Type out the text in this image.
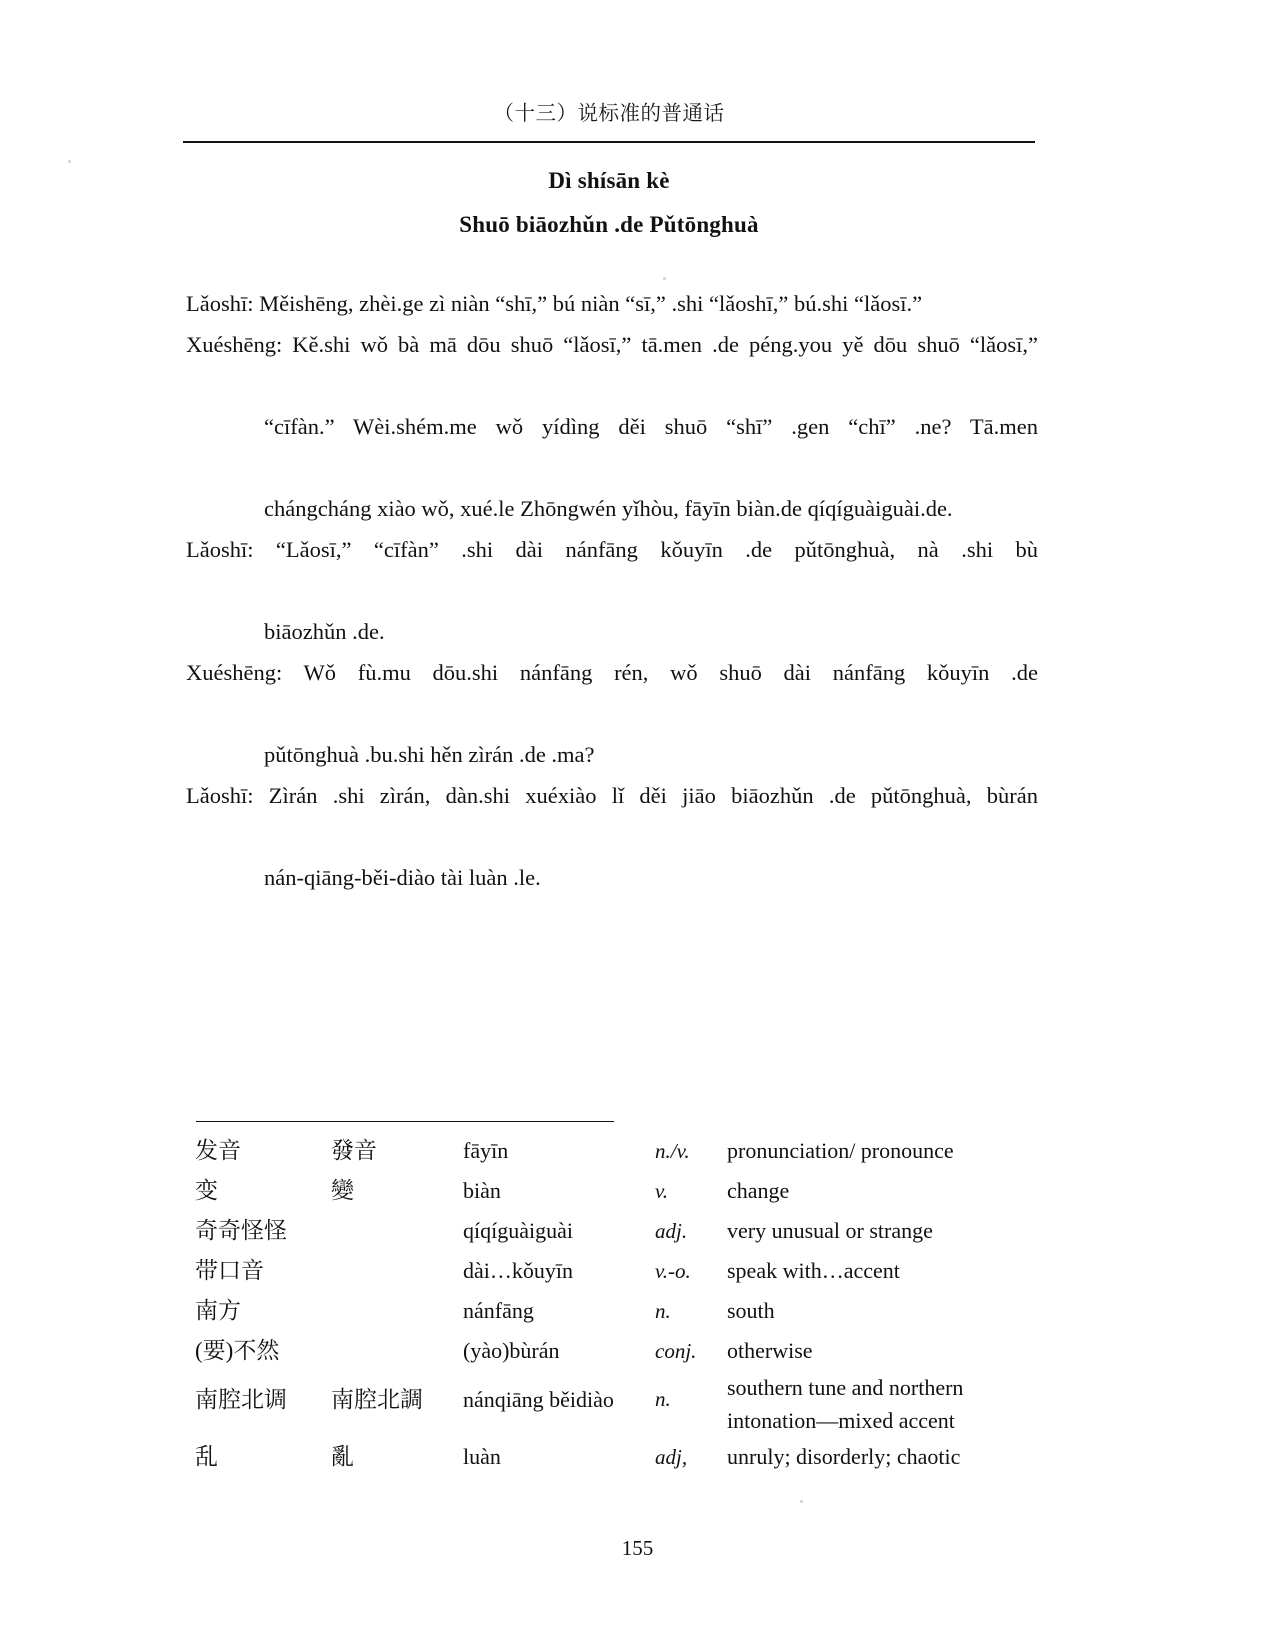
（十三）说标准的普通话
Dì shísān kè
Shuō biāozhǔn .de Pǔtōnghuà
Lǎoshī: Měishēng, zhèi.ge zì niàn “shī,” bú niàn “sī,” .shi “lǎoshī,” bú.shi “lǎosī.”
Xuéshēng: Kě.shi wǒ bà mā dōu shuō “lǎosī,” tā.men .de péng.you yě dōu shuō “lǎosī,”
“cīfàn.” Wèi.shém.me wǒ yídìng děi shuō “shī” .gen “chī” .ne? Tā.men
chángcháng xiào wǒ, xué.le Zhōngwén yǐhòu, fāyīn biàn.de qíqíguàiguài.de.
Lǎoshī: “Lǎosī,” “cīfàn” .shi dài nánfāng kǒuyīn .de pǔtōnghuà, nà .shi bù
biāozhǔn .de.
Xuéshēng: Wǒ fù.mu dōu.shi nánfāng rén, wǒ shuō dài nánfāng kǒuyīn .de
pǔtōnghuà .bu.shi hěn zìrán .de .ma?
Lǎoshī: Zìrán .shi zìrán, dàn.shi xuéxiào lǐ děi jiāo biāozhǔn .de pǔtōnghuà, bùrán
nán-qiāng-běi-diào tài luàn .le.
发音	發音	fāyīn	n./v.	pronunciation/ pronounce
变	變	biàn	v.	change
奇奇怪怪		qíqíguàiguài	adj.	very unusual or strange
带口音		dài…kǒuyīn	v.-o.	speak with…accent
南方		nánfāng	n.	south
(要)不然		(yào)bùrán	conj.	otherwise
南腔北调	南腔北調	nánqiāng běidiào	n.	southern tune and northern
intonation—mixed accent

乱	亂	luàn	adj,	unruly; disorderly; chaotic
155
